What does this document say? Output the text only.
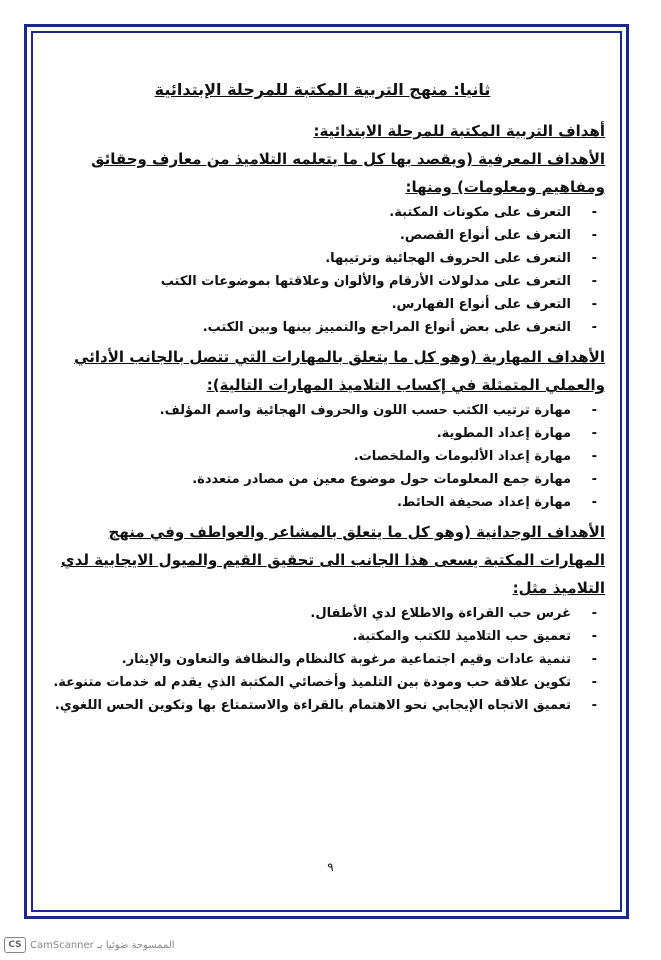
ثانيا: منهج التربية المكتبة للمرحلة الإبتدائية

أهداف التربية المكتبة للمرحلة الابتدائية:

الأهداف المعرفية (ويقصد بها كل ما يتعلمه التلاميذ من معارف وحقائق ومفاهيم ومعلومات) ومنها:

- التعرف على مكونات المكتبة.
- التعرف على أنواع القصص.
- التعرف على الحروف الهجائية وترتيبها.
- التعرف على مدلولات الأرقام والألوان وعلاقتها بموضوعات الكتب
- التعرف على أنواع الفهارس.
- التعرف على بعض أنواع المراجع والتمييز بينها وبين الكتب.

الأهداف المهارية (وهو كل ما يتعلق بالمهارات التي تتصل بالجانب الأدائي والعملي المتمثلة في إكساب التلاميذ المهارات التالية):

- مهارة ترتيب الكتب حسب اللون والحروف الهجائية واسم المؤلف.
- مهارة إعداد المطوية.
- مهارة إعداد الألبومات والملخصات.
- مهارة جمع المعلومات حول موضوع معين من مصادر متعددة.
- مهارة إعداد صحيفة الحائط.

الأهداف الوجدانية (وهو كل ما يتعلق بالمشاعر والعواطف وفي منهج المهارات المكتبة يسعى هذا الجانب الى تحقيق القيم والميول الايجابية لدي التلاميذ مثل:

- غرس حب القراءة والاطلاع لدي الأطفال.
- تعميق حب التلاميذ للكتب والمكتبة.
- تنمية عادات وقيم اجتماعية مرغوبة كالنظام والنظافة والتعاون والإيثار.
- تكوين علاقة حب ومودة بين التلميذ وأخصائي المكتبة الذي يقدم له خدمات متنوعة.
- تعميق الاتجاه الإيجابي نحو الاهتمام بالقراءة والاستمتاع بها وتكوين الحس اللغوي.
٩
CS CamScanner الممسوحة ضوئيا بـ
